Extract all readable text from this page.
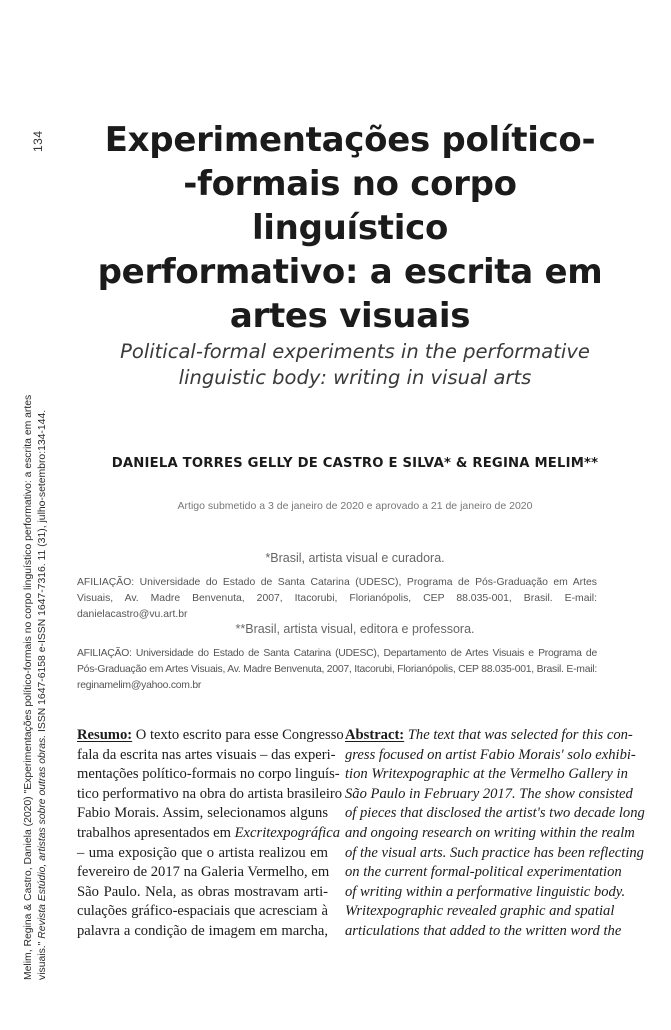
Melim, Regina & Castro, Daniela (2020) "Experimentações político-formais no corpo linguístico performativo: a escrita em artes visuais." Revista Estúdio, artistas sobre outras obras. ISSN 1647-6158 e-ISSN 1647-7316. 11 (31), julho-setembro:134-144.
134	Experimentações político-
-formais no corpo linguístico
performativo: a escrita em
artes visuais
Political-formal experiments in the performative
linguistic body: writing in visual arts
DANIELA TORRES GELLY DE CASTRO E SILVA* & REGINA MELIM**
Artigo submetido a 3 de janeiro de 2020 e aprovado a 21 de janeiro de 2020
*Brasil, artista visual e curadora.
AFILIAÇÃO: Universidade do Estado de Santa Catarina (UDESC), Programa de Pós-Graduação em Artes Visuais, Av. Madre Benvenuta, 2007, Itacorubi, Florianópolis, CEP 88.035-001, Brasil. E-mail: danielacastro@vu.art.br
**Brasil, artista visual, editora e professora.
AFILIAÇÃO: Universidade do Estado de Santa Catarina (UDESC), Departamento de Artes Visuais e Programa de Pós-Graduação em Artes Visuais, Av. Madre Benvenuta, 2007, Itacorubi, Florianópolis, CEP 88.035-001, Brasil. E-mail: reginamelim@yahoo.com.br
Resumo: O texto escrito para esse Congresso
fala da escrita nas artes visuais – das experi-
mentações político-formais no corpo linguís-
tico performativo na obra do artista brasileiro
Fabio Morais. Assim, selecionamos alguns
trabalhos apresentados em Excritexpográfica
– uma exposição que o artista realizou em
fevereiro de 2017 na Galeria Vermelho, em
São Paulo. Nela, as obras mostravam arti-
culações gráfico-espaciais que acresciam à
palavra a condição de imagem em marcha,
Abstract: The text that was selected for this con-
gress focused on artist Fabio Morais' solo exhibi-
tion Writexpographic at the Vermelho Gallery in
São Paulo in February 2017. The show consisted
of pieces that disclosed the artist's two decade long
and ongoing research on writing within the realm
of the visual arts. Such practice has been reflecting
on the current formal-political experimentation
of writing within a performative linguistic body.
Writexpographic revealed graphic and spatial
articulations that added to the written word the
